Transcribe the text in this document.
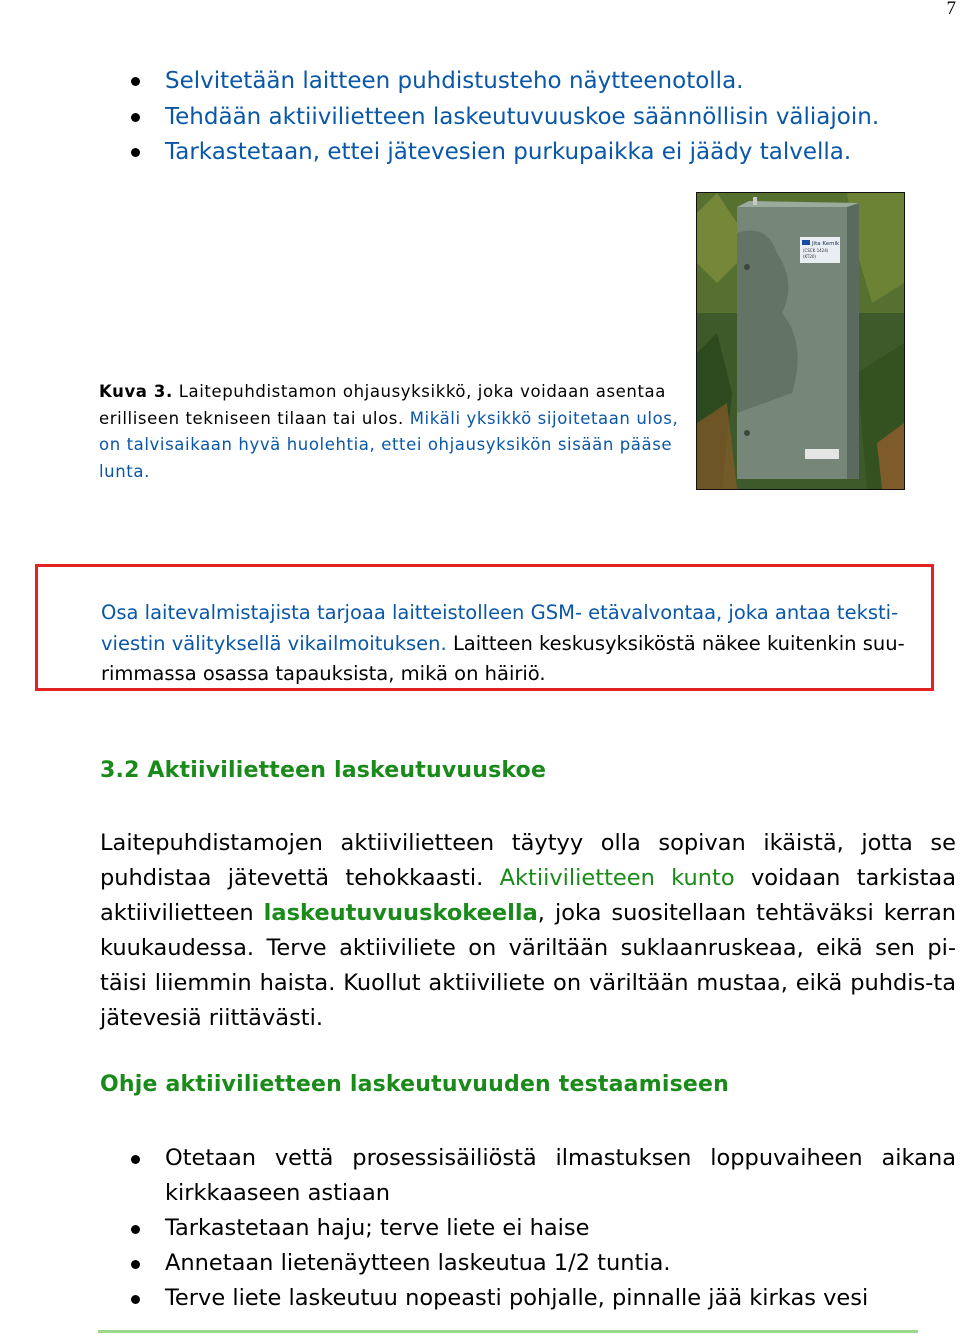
7
Selvitetään laitteen puhdistusteho näytteenotolla.
Tehdään aktiivilietteen laskeutuvuuskoe säännöllisin väliajoin.
Tarkastetaan, ettei jätevesien purkupaikka ei jäädy talvella.
Kuva 3. Laitepuhdistamon ohjausyksikkö, joka voidaan asentaa erilliseen tekniseen tilaan tai ulos. Mikäli yksikkö sijoitetaan ulos, on talvisaikaan hyvä huolehtia, ettei ohjausyksikön sisään pääse lunta.
Jita Kemik
(CSCK 1424)
(KT20)
Osa laitevalmistajista tarjoaa laitteistolleen GSM- etävalvontaa, joka antaa teksti-viestin välityksellä vikailmoituksen. Laitteen keskusyksiköstä näkee kuitenkin suu-rimmassa osassa tapauksista, mikä on häiriö.
3.2 Aktiivilietteen laskeutuvuuskoe
Laitepuhdistamojen aktiivilietteen täytyy olla sopivan ikäistä, jotta se puhdistaa jätevettä tehokkaasti. Aktiivilietteen kunto voidaan tarkistaa aktiivilietteen laskeutuvuuskokeella, joka suositellaan tehtäväksi kerran kuukaudessa. Terve aktiiviliete on väriltään suklaanruskeaa, eikä sen pi-täisi liiemmin haista. Kuollut aktiiviliete on väriltään mustaa, eikä puhdis-ta jätevesiä riittävästi.
Ohje aktiivilietteen laskeutuvuuden testaamiseen
Otetaan vettä prosessisäiliöstä ilmastuksen loppuvaiheen aikana kirkkaaseen astiaan
Tarkastetaan haju; terve liete ei haise
Annetaan lietenäytteen laskeutua 1/2 tuntia.
Terve liete laskeutuu nopeasti pohjalle, pinnalle jää kirkas vesi
